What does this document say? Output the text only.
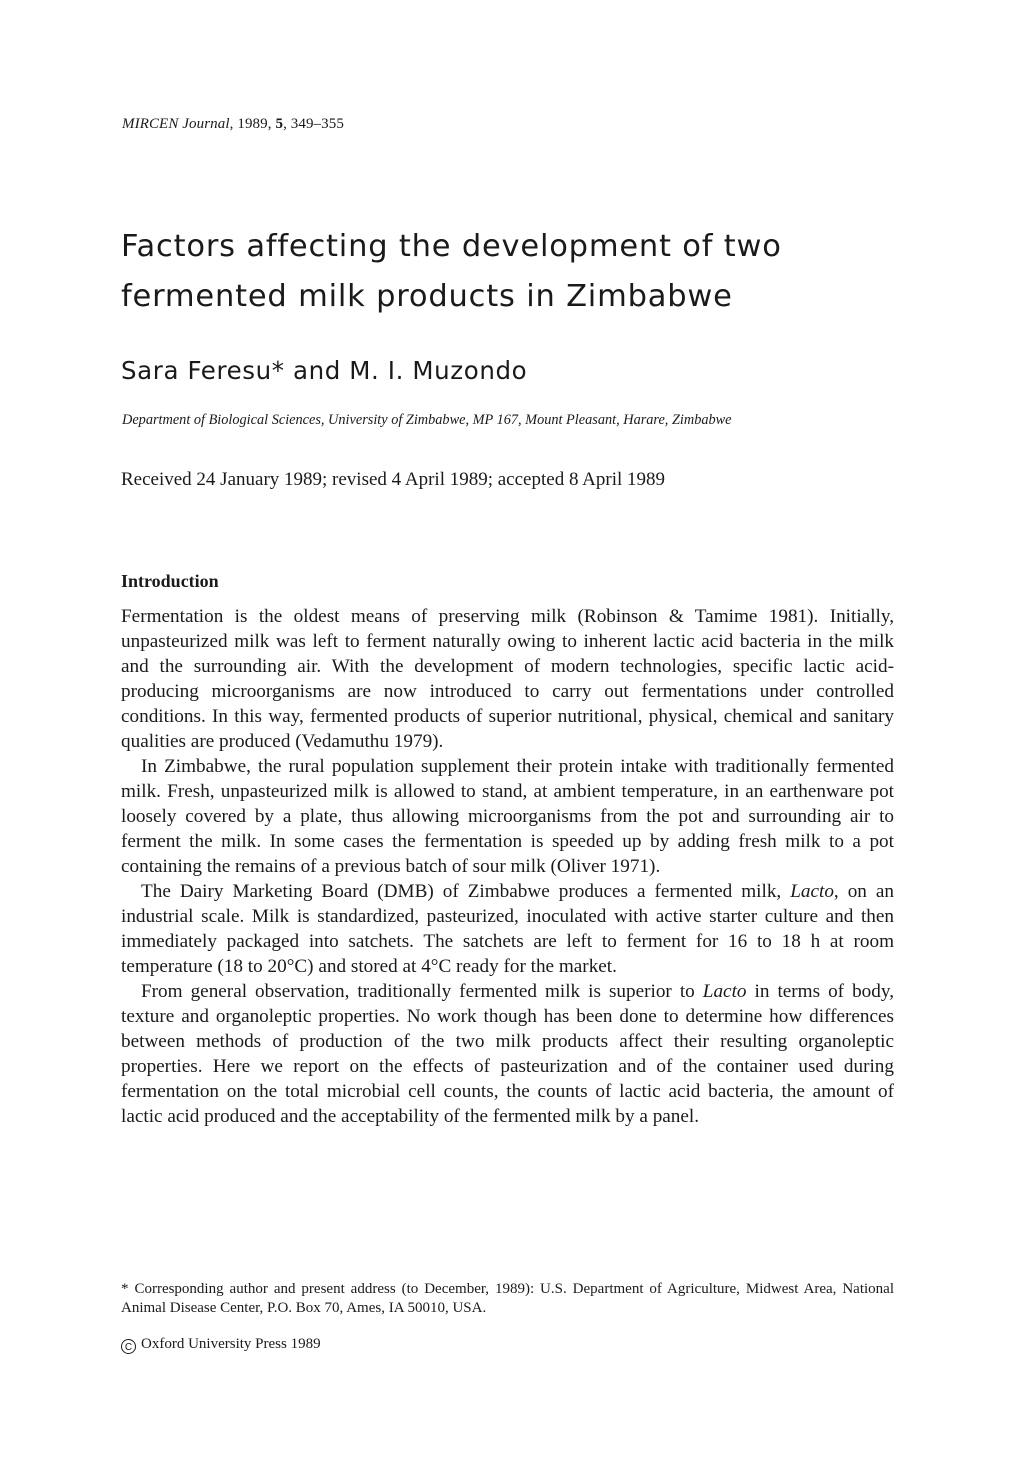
MIRCEN Journal, 1989, 5, 349–355
Factors affecting the development of two
fermented milk products in Zimbabwe
Sara Feresu* and M. I. Muzondo
Department of Biological Sciences, University of Zimbabwe, MP 167, Mount Pleasant, Harare, Zimbabwe
Received 24 January 1989; revised 4 April 1989; accepted 8 April 1989
Introduction

Fermentation is the oldest means of preserving milk (Robinson & Tamime 1981). Initially, unpasteurized milk was left to ferment naturally owing to inherent lactic acid bacteria in the milk and the surrounding air. With the development of modern technologies, specific lactic acid-producing microorganisms are now introduced to carry out fermentations under controlled conditions. In this way, fermented products of superior nutritional, physical, chemical and sanitary qualities are produced (Vedamuthu 1979).

In Zimbabwe, the rural population supplement their protein intake with traditionally fermented milk. Fresh, unpasteurized milk is allowed to stand, at ambient temperature, in an earthenware pot loosely covered by a plate, thus allowing microorganisms from the pot and surrounding air to ferment the milk. In some cases the fermentation is speeded up by adding fresh milk to a pot containing the remains of a previous batch of sour milk (Oliver 1971).

The Dairy Marketing Board (DMB) of Zimbabwe produces a fermented milk, Lacto, on an industrial scale. Milk is standardized, pasteurized, inoculated with active starter culture and then immediately packaged into satchets. The satchets are left to ferment for 16 to 18 h at room temperature (18 to 20°C) and stored at 4°C ready for the market.

From general observation, traditionally fermented milk is superior to Lacto in terms of body, texture and organoleptic properties. No work though has been done to determine how differences between methods of production of the two milk products affect their resulting organoleptic properties. Here we report on the effects of pasteurization and of the container used during fermentation on the total microbial cell counts, the counts of lactic acid bacteria, the amount of lactic acid produced and the acceptability of the fermented milk by a panel.

* Corresponding author and present address (to December, 1989): U.S. Department of Agriculture, Midwest Area, National Animal Disease Center, P.O. Box 70, Ames, IA 50010, USA.
C Oxford University Press 1989
